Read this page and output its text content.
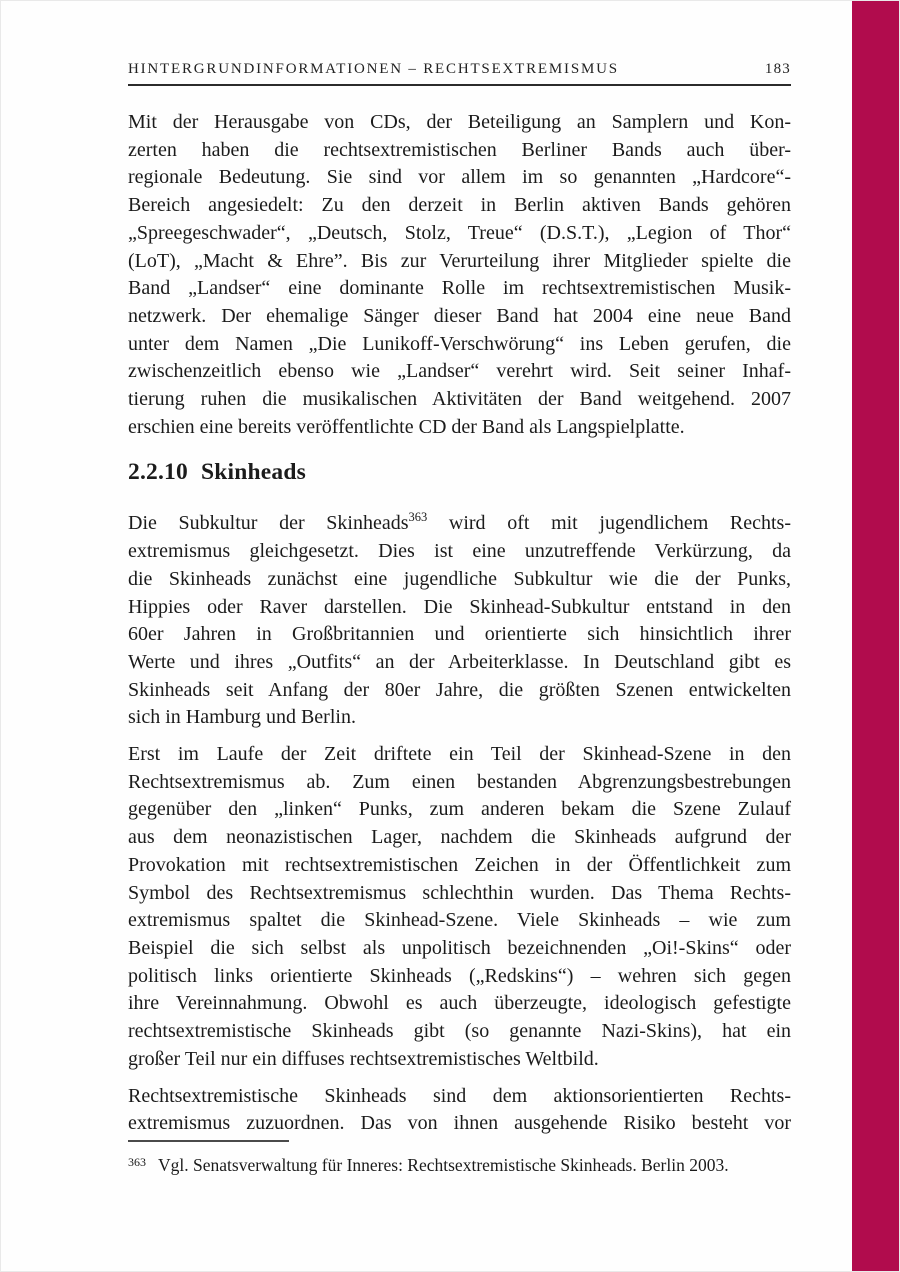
HINTERGRUNDINFORMATIONEN – RECHTSEXTREMISMUS	183
Mit der Herausgabe von CDs, der Beteiligung an Samplern und Kon-
zerten haben die rechtsextremistischen Berliner Bands auch über-
regionale Bedeutung. Sie sind vor allem im so genannten „Hardcore“-
Bereich angesiedelt: Zu den derzeit in Berlin aktiven Bands gehören
„Spreegeschwader“, „Deutsch, Stolz, Treue“ (D.S.T.), „Legion of Thor“
(LoT), „Macht & Ehre”. Bis zur Verurteilung ihrer Mitglieder spielte die
Band „Landser“ eine dominante Rolle im rechtsextremistischen Musik-
netzwerk. Der ehemalige Sänger dieser Band hat 2004 eine neue Band
unter dem Namen „Die Lunikoff-Verschwörung“ ins Leben gerufen, die
zwischenzeitlich ebenso wie „Landser“ verehrt wird. Seit seiner Inhaf-
tierung ruhen die musikalischen Aktivitäten der Band weitgehend. 2007
erschien eine bereits veröffentlichte CD der Band als Langspielplatte.
2.2.10 Skinheads
Die Subkultur der Skinheads$^{363}$ wird oft mit jugendlichem Rechts-
extremismus gleichgesetzt. Dies ist eine unzutreffende Verkürzung, da
die Skinheads zunächst eine jugendliche Subkultur wie die der Punks,
Hippies oder Raver darstellen. Die Skinhead-Subkultur entstand in den
60er Jahren in Großbritannien und orientierte sich hinsichtlich ihrer
Werte und ihres „Outfits“ an der Arbeiterklasse. In Deutschland gibt es
Skinheads seit Anfang der 80er Jahre, die größten Szenen entwickelten
sich in Hamburg und Berlin.
Erst im Laufe der Zeit driftete ein Teil der Skinhead-Szene in den
Rechtsextremismus ab. Zum einen bestanden Abgrenzungsbestrebungen
gegenüber den „linken“ Punks, zum anderen bekam die Szene Zulauf
aus dem neonazistischen Lager, nachdem die Skinheads aufgrund der
Provokation mit rechtsextremistischen Zeichen in der Öffentlichkeit zum
Symbol des Rechtsextremismus schlechthin wurden. Das Thema Rechts-
extremismus spaltet die Skinhead-Szene. Viele Skinheads – wie zum
Beispiel die sich selbst als unpolitisch bezeichnenden „Oi!-Skins“ oder
politisch links orientierte Skinheads („Redskins“) – wehren sich gegen
ihre Vereinnahmung. Obwohl es auch überzeugte, ideologisch gefestigte
rechtsextremistische Skinheads gibt (so genannte Nazi-Skins), hat ein
großer Teil nur ein diffuses rechtsextremistisches Weltbild.
Rechtsextremistische Skinheads sind dem aktionsorientierten Rechts-
extremismus zuzuordnen. Das von ihnen ausgehende Risiko besteht vor
363 Vgl. Senatsverwaltung für Inneres: Rechtsextremistische Skinheads. Berlin 2003.
